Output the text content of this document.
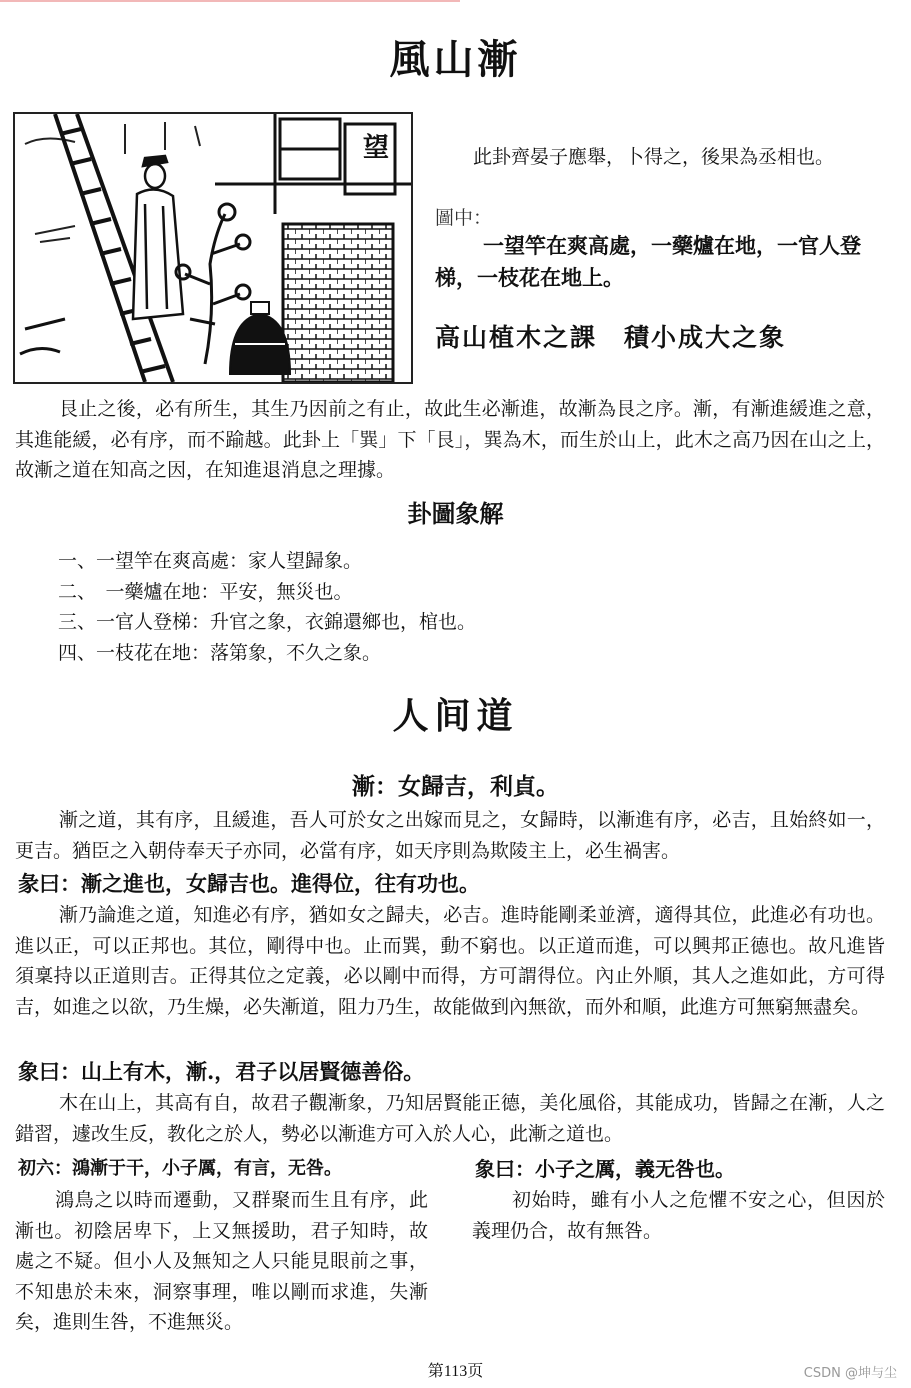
風山漸
望	此卦齊晏子應舉，卜得之，後果為丞相也。
圖中：
一望竿在爽高處，一藥爐在地，一官人登梯，一枝花在地上。
高山植木之課　積小成大之象
艮止之後，必有所生，其生乃因前之有止，故此生必漸進，故漸為艮之序。漸，有漸進緩進之意，其進能緩，必有序，而不踰越。此卦上「巽」下「艮」，巽為木，而生於山上，此木之高乃因在山之上，故漸之道在知高之因，在知進退消息之理據。
卦圖象解
一、一望竿在爽高處：家人望歸象。
二、　一藥爐在地：平安，無災也。
三、一官人登梯：升官之象，衣錦還鄉也，棺也。
四、一枝花在地：落第象，不久之象。
人间道
漸：女歸吉，利貞。
漸之道，其有序，且緩進，吾人可於女之出嫁而見之，女歸時，以漸進有序，必吉，且始終如一，更吉。猶臣之入朝侍奉天子亦同，必當有序，如天序則為欺陵主上，必生禍害。
彖曰：漸之進也，女歸吉也。進得位，往有功也。
漸乃論進之道，知進必有序，猶如女之歸夫，必吉。進時能剛柔並濟，適得其位，此進必有功也。進以正，可以正邦也。其位，剛得中也。止而巽，動不窮也。以正道而進，可以興邦正德也。故凡進皆須稟持以正道則吉。正得其位之定義，必以剛中而得，方可謂得位。內止外順，其人之進如此，方可得吉，如進之以欲，乃生燥，必失漸道，阻力乃生，故能做到內無欲，而外和順，此進方可無窮無盡矣。
象曰：山上有木，漸.，君子以居賢德善俗。
木在山上，其高有自，故君子觀漸象，乃知居賢能正德，美化風俗，其能成功，皆歸之在漸，人之錯習，遽改生反，教化之於人，勢必以漸進方可入於人心，此漸之道也。
初六：鴻漸于干，小子厲，有言，无咎。	象曰：小子之厲，義无咎也。
鴻鳥之以時而遷動，又群聚而生且有序，此漸也。初陰居卑下，上又無援助，君子知時，故處之不疑。但小人及無知之人只能見眼前之事，不知患於未來，洞察事理，唯以剛而求進，失漸矣，進則生咎，不進無災。
初始時，雖有小人之危懼不安之心，但因於義理仍合，故有無咎。
第113页	CSDN @坤与尘
